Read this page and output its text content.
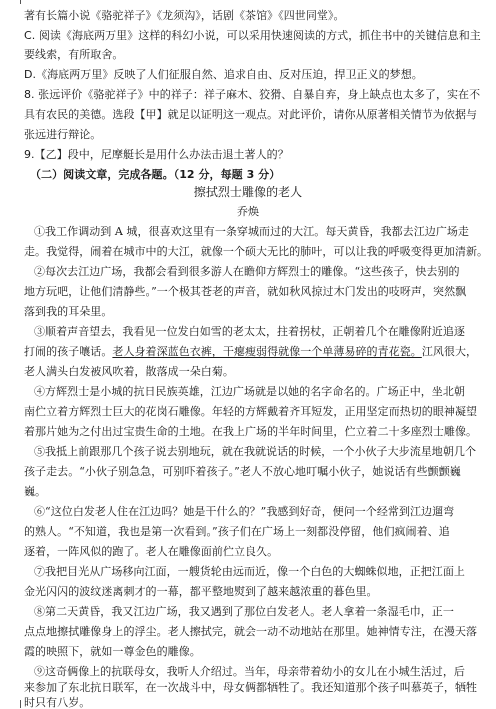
著有长篇小说《骆驼祥子》《龙须沟》，话剧《茶馆》《四世同堂》。
C. 阅读《海底两万里》这样的科幻小说，可以采用快速阅读的方式，抓住书中的关键信息和主
要线索，有所取舍。
D.《海底两万里》反映了人们征服自然、追求自由、反对压迫，捍卫正义的梦想。
8. 张远评价《骆驼祥子》中的祥子：祥子麻木、狡猾、自暴自弃，身上缺点也太多了，实在不
具有农民的美德。选段【甲】就足以证明这一观点。对此评价，请你从原著相关情节为依据与
张远进行辩论。
9.【乙】段中，尼摩艇长是用什么办法击退土著人的？
（二）阅读文章，完成各题。（12 分，每题 3 分）
擦拭烈士雕像的老人
乔焕
①我工作调动到 A 城，很喜欢这里有一条穿城而过的大江。每天黄昏，我都去江边广场走
走。我觉得，闹着在城市中的大江，就像一个硕大无比的肺叶，可以让我的呼吸变得更加清新。
②每次去江边广场，我都会看到很多游人在瞻仰方辉烈士的雕像。“这些孩子，快去别的
地方玩吧，让他们清静些。”一个极其苍老的声音，就如秋风掠过木门发出的吱呀声，突然飘
落到我的耳朵里。
③顺着声音望去，我看见一位发白如雪的老太太，拄着拐杖，正朝着几个在雕像附近追逐
打闹的孩子嚷话。老人身着深蓝色衣裤，干瘪瘦弱得就像一个单薄易碎的青花瓷。江风很大，
老人满头白发被风吹着，散落成一朵白菊。
④方辉烈士是小城的抗日民族英雄，江边广场就是以她的名字命名的。广场正中，坐北朝
南伫立着方辉烈士巨大的花岗石雕像。年轻的方辉戴着齐耳短发，正用坚定而热切的眼神凝望
着那片她为之付出过宝贵生命的土地。在我上广场的半年时间里，伫立着二十多座烈士雕像。
⑤我抵上前跟那几个孩子说去别地玩，就在我就说话的时候，一个小伙子大步流星地朝几个
孩子走去。“小伙子别急急，可别吓着孩子。”老人不放心地叮嘱小伙子，她说话有些颤颤巍
巍。
⑥“这位白发老人住在江边吗？她是干什么的？”我感到好奇，便问一个经常到江边遛弯
的熟人。“不知道，我也是第一次看到。”孩子们在广场上一刻都没停留，他们疯闹着、追
逐着，一阵风似的跑了。老人在雕像面前伫立良久。
⑦我把目光从广场移向江面，一艘货轮由远而近，像一个白色的大蜘蛛似地，正把江面上
金光闪闪的波纹迷离刺才的一幕，都平整地熨到了越来越浓重的暮色里。
⑧第二天黄昏，我又江边广场，我又遇到了那位白发老人。老人拿着一条湿毛巾，正一
点点地擦拭雕像身上的浮尘。老人擦拭完，就会一动不动地站在那里。她神情专注，在漫天落
霞的映照下，就如一尊金色的雕像。
⑨这奇俩像上的抗联母女，我听人介绍过。当年，母亲带着幼小的女儿在小城生活过，后
来参加了东北抗日联军，在一次战斗中，母女俩都牺牲了。我还知道那个孩子叫慕英子，牺牲
时只有八岁。
